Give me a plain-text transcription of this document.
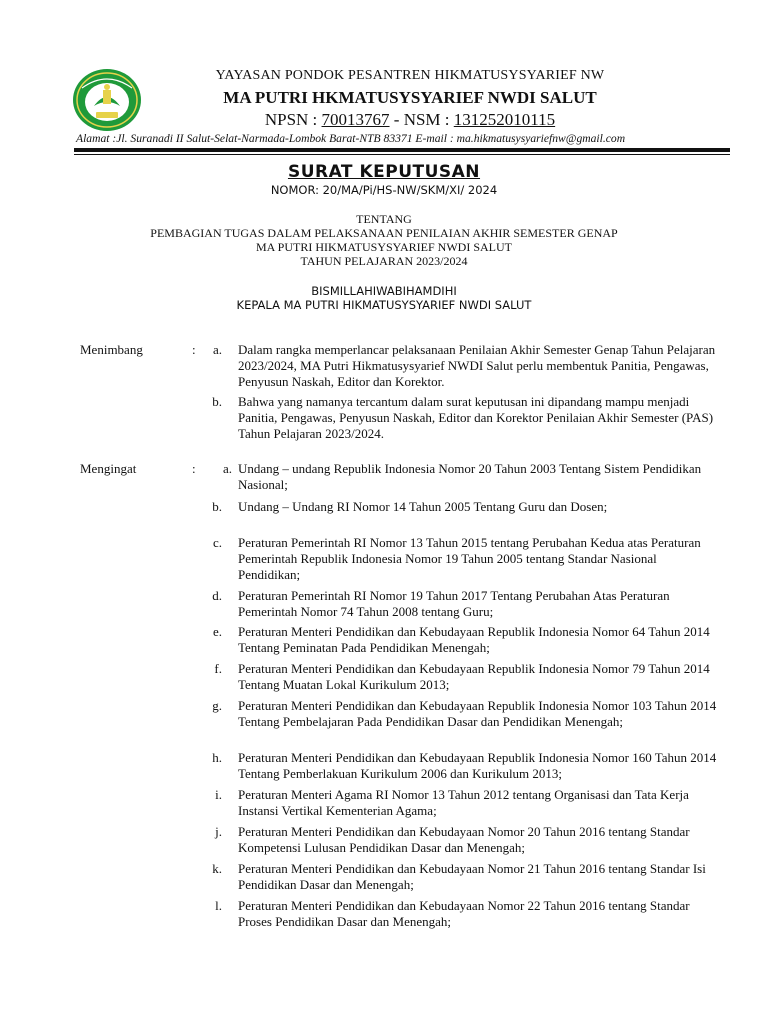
YAYASAN PONDOK PESANTREN HIKMATUSYSYARIEF NW
MA PUTRI HKMATUSYSYARIEF NWDI SALUT
NPSN : 70013767 - NSM : 131252010115
Alamat :Jl. Suranadi II Salut-Selat-Narmada-Lombok Barat-NTB 83371 E-mail : ma.hikmatusysyariefnw@gmail.com
SURAT KEPUTUSAN
NOMOR: 20/MA/Pi/HS-NW/SKM/XI/ 2024
TENTANG
PEMBAGIAN TUGAS DALAM PELAKSANAAN PENILAIAN AKHIR SEMESTER GENAP
MA PUTRI HIKMATUSYSYARIEF NWDI SALUT
TAHUN PELAJARAN 2023/2024
BISMILLAHIWABIHAMDIHI
KEPALA MA PUTRI HIKMATUSYSYARIEF NWDI SALUT
Menimbang	:	a. Dalam rangka memperlancar pelaksanaan Penilaian Akhir Semester Genap Tahun Pelajaran 2023/2024, MA Putri Hikmatusysyarief NWDI Salut perlu membentuk Panitia, Pengawas, Penyusun Naskah, Editor dan Korektor.
b. Bahwa yang namanya tercantum dalam surat keputusan ini dipandang mampu menjadi Panitia, Pengawas, Penyusun Naskah, Editor dan Korektor Penilaian Akhir Semester (PAS) Tahun Pelajaran 2023/2024.
Mengingat	:	a. Undang – undang Republik Indonesia Nomor 20 Tahun 2003 Tentang Sistem Pendidikan Nasional;
b. Undang – Undang RI Nomor 14 Tahun 2005 Tentang Guru dan Dosen;
c. Peraturan Pemerintah RI Nomor 13 Tahun 2015 tentang Perubahan Kedua atas Peraturan Pemerintah Republik Indonesia Nomor 19 Tahun 2005 tentang Standar Nasional Pendidikan;
d. Peraturan Pemerintah RI Nomor 19 Tahun 2017 Tentang Perubahan Atas Peraturan Pemerintah Nomor 74 Tahun 2008 tentang Guru;
e. Peraturan Menteri Pendidikan dan Kebudayaan Republik Indonesia Nomor 64 Tahun 2014 Tentang Peminatan Pada Pendidikan Menengah;
f. Peraturan Menteri Pendidikan dan Kebudayaan Republik Indonesia Nomor 79 Tahun 2014 Tentang Muatan Lokal Kurikulum 2013;
g. Peraturan Menteri Pendidikan dan Kebudayaan Republik Indonesia Nomor 103 Tahun 2014 Tentang Pembelajaran Pada Pendidikan Dasar dan Pendidikan Menengah;
h. Peraturan Menteri Pendidikan dan Kebudayaan Republik Indonesia Nomor 160 Tahun 2014 Tentang Pemberlakuan Kurikulum 2006 dan Kurikulum 2013;
i. Peraturan Menteri Agama RI Nomor 13 Tahun 2012 tentang Organisasi dan Tata Kerja Instansi Vertikal Kementerian Agama;
j. Peraturan Menteri Pendidikan dan Kebudayaan Nomor 20 Tahun 2016 tentang Standar Kompetensi Lulusan Pendidikan Dasar dan Menengah;
k. Peraturan Menteri Pendidikan dan Kebudayaan Nomor 21 Tahun 2016 tentang Standar Isi Pendidikan Dasar dan Menengah;
l. Peraturan Menteri Pendidikan dan Kebudayaan Nomor 22 Tahun 2016 tentang Standar Proses Pendidikan Dasar dan Menengah;
